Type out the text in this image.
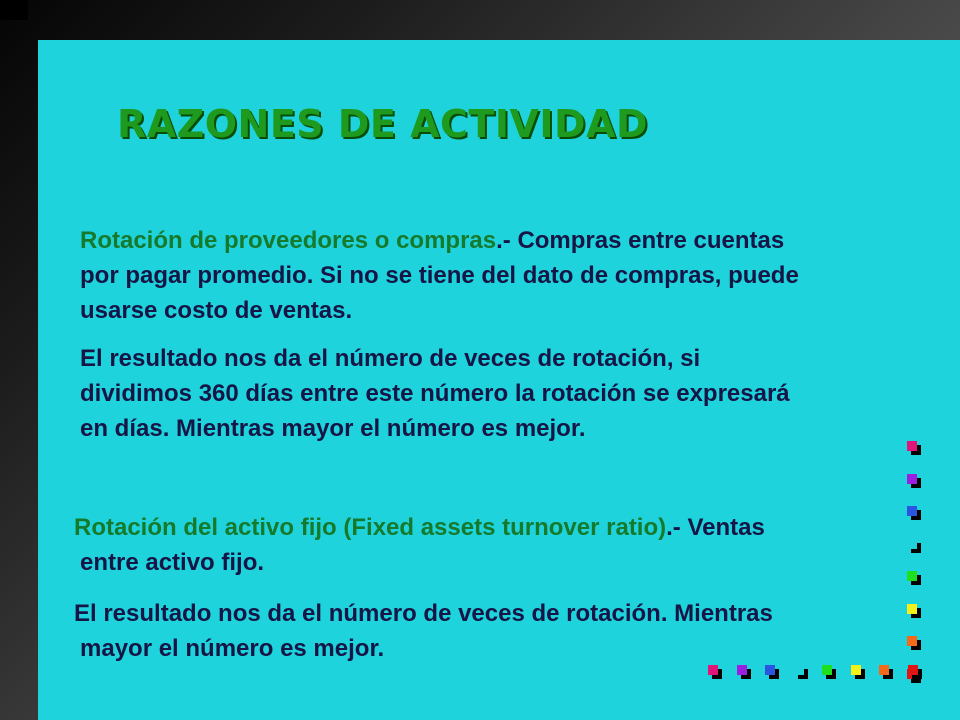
RAZONES DE ACTIVIDAD

Rotación de proveedores o compras.- Compras entre cuentas
por pagar promedio. Si no se tiene del dato de compras, puede
usarse costo de ventas.

El resultado nos da el número de veces de rotación, si
dividimos 360 días entre este número la rotación se expresará
en días. Mientras mayor el número es mejor.

Rotación del activo fijo (Fixed assets turnover ratio).- Ventas
entre activo fijo.

El resultado nos da el número de veces de rotación. Mientras
mayor el número es mejor.
